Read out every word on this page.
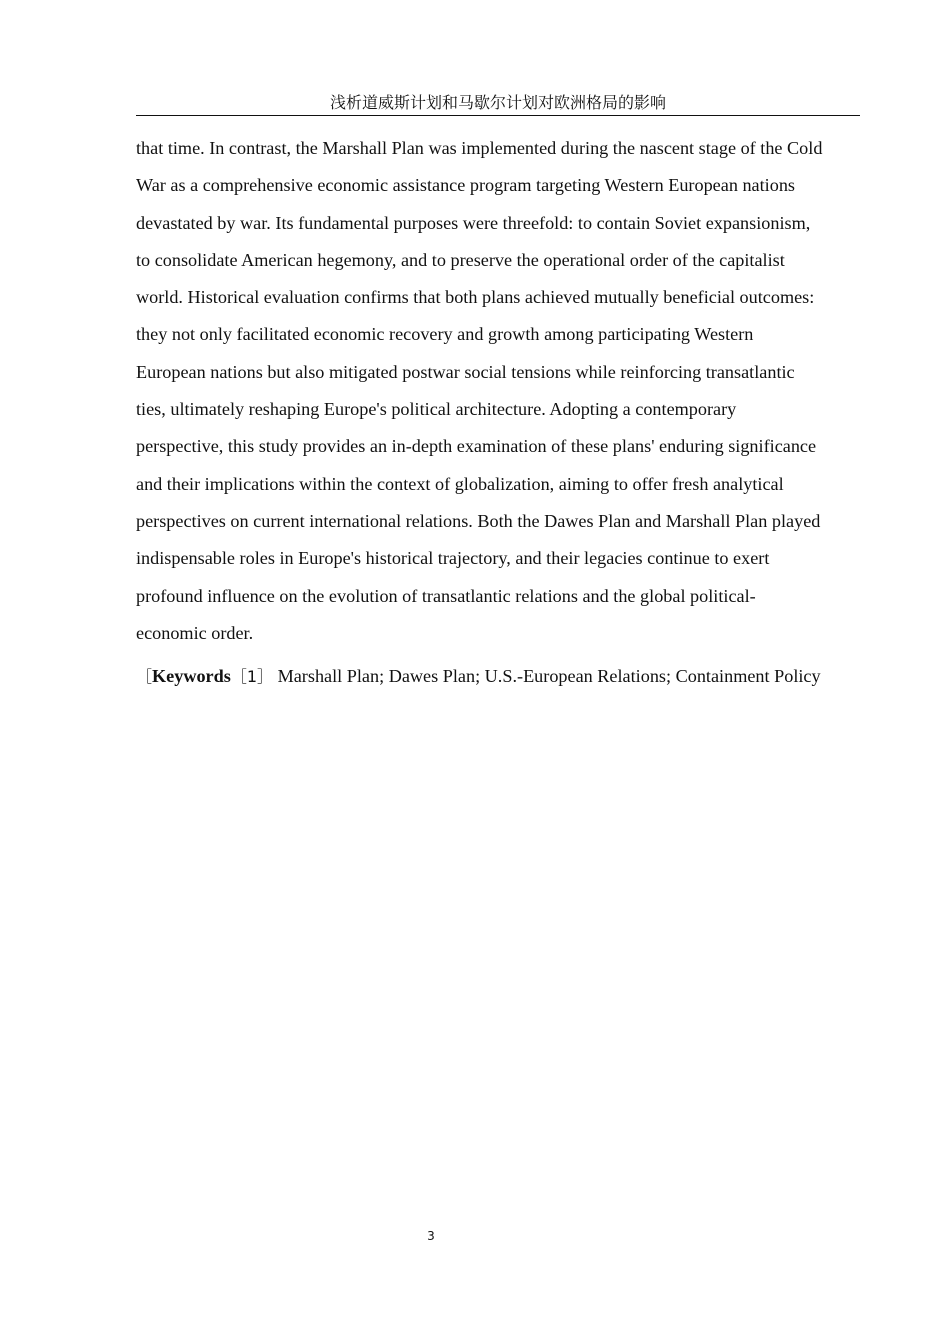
浅析道威斯计划和马歇尔计划对欧洲格局的影响
that time. In contrast, the Marshall Plan was implemented during the nascent stage of the Cold
War as a comprehensive economic assistance program targeting Western European nations
devastated by war. Its fundamental purposes were threefold: to contain Soviet expansionism,
to consolidate American hegemony, and to preserve the operational order of the capitalist
world. Historical evaluation confirms that both plans achieved mutually beneficial outcomes:
they not only facilitated economic recovery and growth among participating Western
European nations but also mitigated postwar social tensions while reinforcing transatlantic
ties, ultimately reshaping Europe's political architecture. Adopting a contemporary
perspective, this study provides an in-depth examination of these plans' enduring significance
and their implications within the context of globalization, aiming to offer fresh analytical
perspectives on current international relations. Both the Dawes Plan and Marshall Plan played
indispensable roles in Europe's historical trajectory, and their legacies continue to exert
profound influence on the evolution of transatlantic relations and the global political-
economic order.
［Keywords［1］ Marshall Plan; Dawes Plan; U.S.-European Relations; Containment Policy
3
